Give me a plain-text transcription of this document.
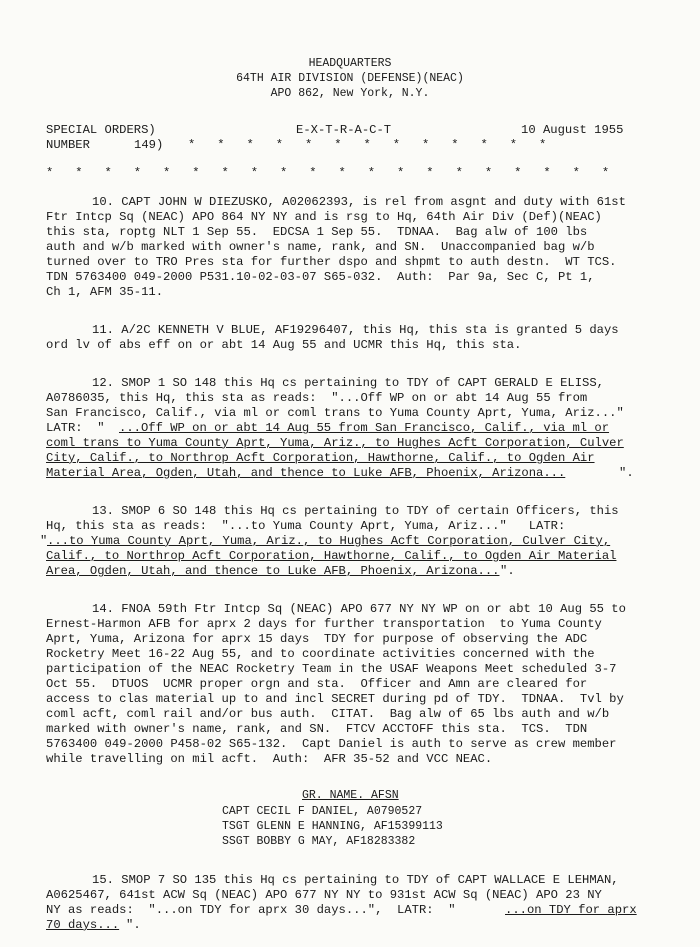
HEADQUARTERS
64TH AIR DIVISION (DEFENSE)(NEAC)
APO 862, New York, N.Y.
SPECIAL ORDERS)	E-X-T-R-A-C-T	10 August 1955
NUMBER	149) *   *   *   *   *   *   *   *   *   *   *   *   *
*   *   *   *   *   *   *   *   *   *   *   *   *   *   *   *   *   *   *   *
10. CAPT JOHN W DIEZUSKO, A02062393, is rel from asgnt and duty with 61st
Ftr Intcp Sq (NEAC) APO 864 NY NY and is rsg to Hq, 64th Air Div (Def)(NEAC)
this sta, roptg NLT 1 Sep 55.  EDCSA 1 Sep 55.  TDNAA.  Bag alw of 100 lbs
auth and w/b marked with owner's name, rank, and SN.  Unaccompanied bag w/b
turned over to TRO Pres sta for further dspo and shpmt to auth destn.  WT TCS.
TDN 5763400 049-2000 P531.10-02-03-07 S65-032.  Auth:  Par 9a, Sec C, Pt 1,
Ch 1, AFM 35-11.
11. A/2C KENNETH V BLUE, AF19296407, this Hq, this sta is granted 5 days
ord lv of abs eff on or abt 14 Aug 55 and UCMR this Hq, this sta.
12. SMOP 1 SO 148 this Hq cs pertaining to TDY of CAPT GERALD E ELISS,
A0786035, this Hq, this sta as reads:  "...Off WP on or abt 14 Aug 55 from
San Francisco, Calif., via ml or coml trans to Yuma County Aprt, Yuma, Ariz..."
LATR:  " ...Off WP on or abt 14 Aug 55 from San Francisco, Calif., via ml or
coml trans to Yuma County Aprt, Yuma, Ariz., to Hughes Acft Corporation, Culver
City, Calif., to Northrop Acft Corporation, Hawthorne, Calif., to Ogden Air
Material Area, Ogden, Utah, and thence to Luke AFB, Phoenix, Arizona...	".
13. SMOP 6 SO 148 this Hq cs pertaining to TDY of certain Officers, this
Hq, this sta as reads:  "...to Yuma County Aprt, Yuma, Ariz..."   LATR:
" ...to Yuma County Aprt, Yuma, Ariz., to Hughes Acft Corporation, Culver City,
Calif., to Northrop Acft Corporation, Hawthorne, Calif., to Ogden Air Material
Area, Ogden, Utah, and thence to Luke AFB, Phoenix, Arizona... ".
14. FNOA 59th Ftr Intcp Sq (NEAC) APO 677 NY NY WP on or abt 10 Aug 55 to
Ernest-Harmon AFB for aprx 2 days for further transportation  to Yuma County
Aprt, Yuma, Arizona for aprx 15 days  TDY for purpose of observing the ADC
Rocketry Meet 16-22 Aug 55, and to coordinate activities concerned with the
participation of the NEAC Rocketry Team in the USAF Weapons Meet scheduled 3-7
Oct 55.  DTUOS  UCMR proper orgn and sta.  Officer and Amn are cleared for
access to clas material up to and incl SECRET during pd of TDY.  TDNAA.  Tvl by
coml acft, coml rail and/or bus auth.  CITAT.  Bag alw of 65 lbs auth and w/b
marked with owner's name, rank, and SN.  FTCV ACCTOFF this sta.  TCS.  TDN
5763400 049-2000 P458-02 S65-132.  Capt Daniel is auth to serve as crew member
while travelling on mil acft.  Auth:  AFR 35-52 and VCC NEAC.
GR. NAME. AFSN
CAPT CECIL F DANIEL, A0790527
TSGT GLENN E HANNING, AF15399113
SSGT BOBBY G MAY, AF18283382
15. SMOP 7 SO 135 this Hq cs pertaining to TDY of CAPT WALLACE E LEHMAN,
A0625467, 641st ACW Sq (NEAC) APO 677 NY NY to 931st ACW Sq (NEAC) APO 23 NY
NY as reads:  "...on TDY for aprx 30 days...",  LATR:  "	...on TDY for aprx
70 days... ".
